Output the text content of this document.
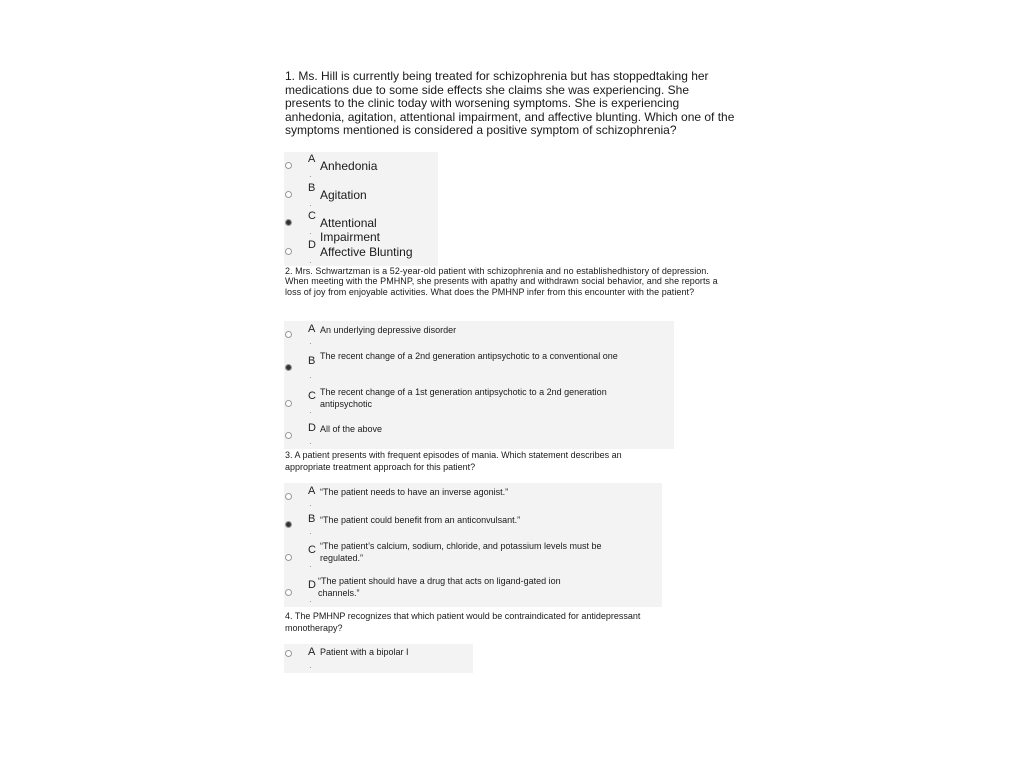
1. Ms. Hill is currently being treated for schizophrenia but has stoppedtaking her medications due to some side effects she claims she was experiencing. She presents to the clinic today with worsening symptoms. She is experiencing anhedonia, agitation, attentional impairment, and affective blunting. Which one of the symptoms mentioned is considered a positive symptom of schizophrenia?
A Anhedonia
B Agitation
C Attentional Impairment
D Affective Blunting
2. Mrs. Schwartzman is a 52-year-old patient with schizophrenia and no establishedhistory of depression. When meeting with the PMHNP, she presents with apathy and withdrawn social behavior, and she reports a loss of joy from enjoyable activities. What does the PMHNP infer from this encounter with the patient?
A An underlying depressive disorder
B The recent change of a 2nd generation antipsychotic to a conventional one
C The recent change of a 1st generation antipsychotic to a 2nd generation antipsychotic
D All of the above
3. A patient presents with frequent episodes of mania. Which statement describes an appropriate treatment approach for this patient?
A “The patient needs to have an inverse agonist.”
B “The patient could benefit from an anticonvulsant.”
C “The patient’s calcium, sodium, chloride, and potassium levels must be regulated.”
D “The patient should have a drug that acts on ligand-gated ion channels.”
4. The PMHNP recognizes that which patient would be contraindicated for antidepressant monotherapy?
A Patient with a bipolar I
